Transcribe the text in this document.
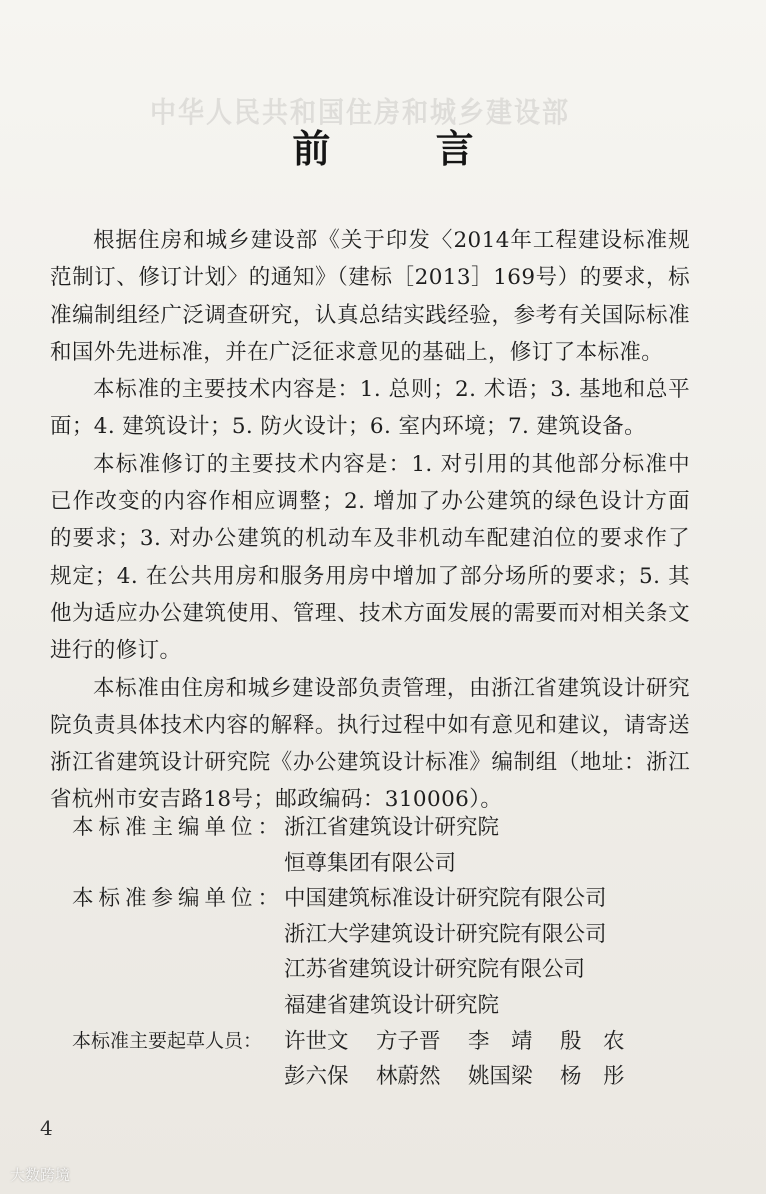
中华人民共和国住房和城乡建设部
前 言

根据住房和城乡建设部《关于印发〈2014年工程建设标准规范制订、修订计划〉的通知》（建标［2013］169号）的要求，标准编制组经广泛调查研究，认真总结实践经验，参考有关国际标准和国外先进标准，并在广泛征求意见的基础上，修订了本标准。

本标准的主要技术内容是：1. 总则；2. 术语；3. 基地和总平面；4. 建筑设计；5. 防火设计；6. 室内环境；7. 建筑设备。

本标准修订的主要技术内容是：1. 对引用的其他部分标准中已作改变的内容作相应调整；2. 增加了办公建筑的绿色设计方面的要求；3. 对办公建筑的机动车及非机动车配建泊位的要求作了规定；4. 在公共用房和服务用房中增加了部分场所的要求；5. 其他为适应办公建筑使用、管理、技术方面发展的需要而对相关条文进行的修订。

本标准由住房和城乡建设部负责管理，由浙江省建筑设计研究院负责具体技术内容的解释。执行过程中如有意见和建议，请寄送浙江省建筑设计研究院《办公建筑设计标准》编制组（地址：浙江省杭州市安吉路18号；邮政编码：310006）。

本标准主编单位： 浙江省建筑设计研究院
恒尊集团有限公司
本标准参编单位： 中国建筑标准设计研究院有限公司
浙江大学建筑设计研究院有限公司
江苏省建筑设计研究院有限公司
福建省建筑设计研究院
本标准主要起草人员：	许世文	方子晋	李　靖	殷　农
彭六保	林蔚然	姚国梁	杨　彤
4
大数跨境
